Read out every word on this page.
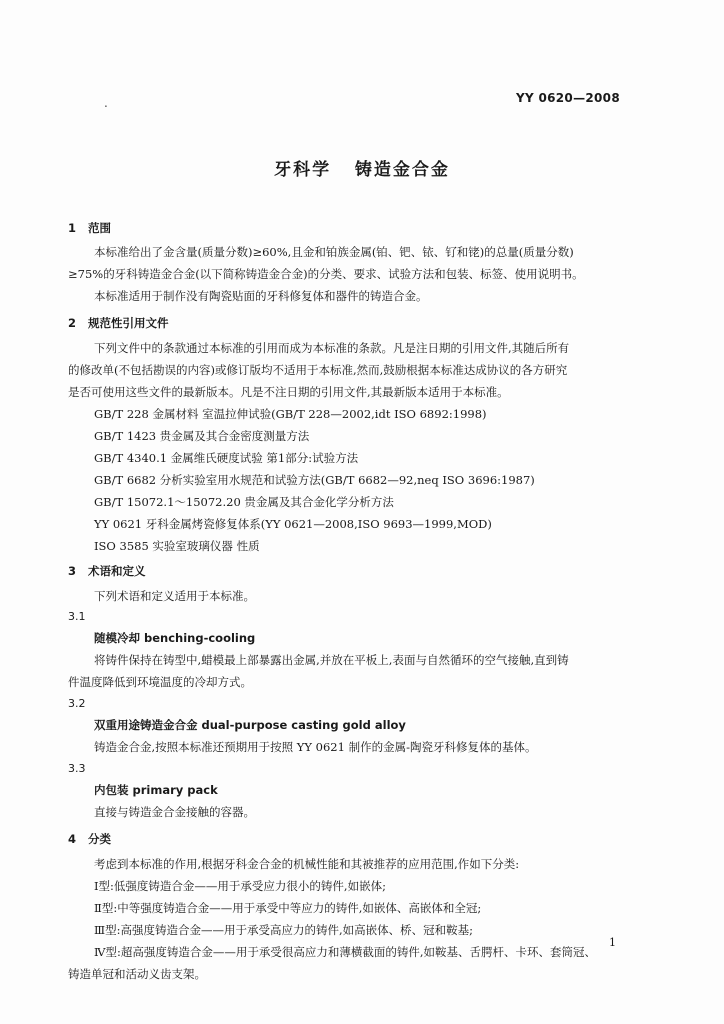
.	YY 0620—2008
牙科学   铸造金合金
1 范围
本标准给出了金含量(质量分数)≥60%,且金和铂族金属(铂、钯、铱、钌和铑)的总量(质量分数)
≥75%的牙科铸造金合金(以下简称铸造金合金)的分类、要求、试验方法和包装、标签、使用说明书。
本标准适用于制作没有陶瓷贴面的牙科修复体和器件的铸造合金。
2 规范性引用文件
下列文件中的条款通过本标准的引用而成为本标准的条款。凡是注日期的引用文件,其随后所有
的修改单(不包括勘误的内容)或修订版均不适用于本标准,然而,鼓励根据本标准达成协议的各方研究
是否可使用这些文件的最新版本。凡是不注日期的引用文件,其最新版本适用于本标准。
GB/T 228 金属材料 室温拉伸试验(GB/T 228—2002,idt ISO 6892:1998)
GB/T 1423 贵金属及其合金密度测量方法
GB/T 4340.1 金属维氏硬度试验 第1部分:试验方法
GB/T 6682 分析实验室用水规范和试验方法(GB/T 6682—92,neq ISO 3696:1987)
GB/T 15072.1～15072.20 贵金属及其合金化学分析方法
YY 0621 牙科金属烤瓷修复体系(YY 0621—2008,ISO 9693—1999,MOD)
ISO 3585 实验室玻璃仪器 性质
3 术语和定义
下列术语和定义适用于本标准。
3.1
随模冷却 benching-cooling
将铸件保持在铸型中,蜡模最上部暴露出金属,并放在平板上,表面与自然循环的空气接触,直到铸
件温度降低到环境温度的冷却方式。
3.2
双重用途铸造金合金 dual-purpose casting gold alloy
铸造金合金,按照本标准还预期用于按照 YY 0621 制作的金属-陶瓷牙科修复体的基体。
3.3
内包装 primary pack
直接与铸造金合金接触的容器。
4 分类
考虑到本标准的作用,根据牙科金合金的机械性能和其被推荐的应用范围,作如下分类:
Ⅰ型:低强度铸造合金——用于承受应力很小的铸件,如嵌体;
Ⅱ型:中等强度铸造合金——用于承受中等应力的铸件,如嵌体、高嵌体和全冠;
Ⅲ型:高强度铸造合金——用于承受高应力的铸件,如高嵌体、桥、冠和鞍基;
Ⅳ型:超高强度铸造合金——用于承受很高应力和薄横截面的铸件,如鞍基、舌腭杆、卡环、套筒冠、
铸造单冠和活动义齿支架。
1
